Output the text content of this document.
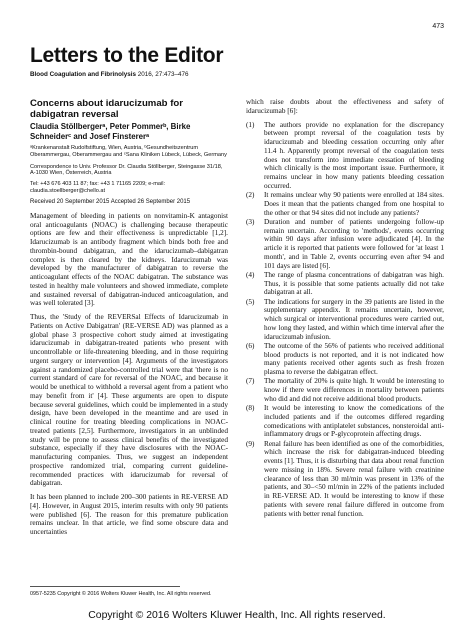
473
Letters to the Editor
Blood Coagulation and Fibrinolysis 2016, 27:473–476
Concerns about idarucizumab for dabigatran reversal
Claudia Stöllbergerᵃ, Peter Pommerᵇ, Birke Schneiderᶜ and Josef Finstererᵃ
ᵃKrankenanstalt Rudolfstiftung, Wien, Austria, ᵇGesundheitszentrum Oberammergau, Oberammergau and ᶜSana Kliniken Lübeck, Lübeck, Germany
Correspondence to Univ. Professor Dr. Claudia Stöllberger, Steingasse 31/18, A-1030 Wien, Österreich, Austria
Tel: +43 676 403 11 87; fax: +43 1 71165 2209; e-mail: claudia.stoellberger@chello.at
Received 20 September 2015 Accepted 26 September 2015

Management of bleeding in patients on nonvitamin-K antagonist oral anticoagulants (NOAC) is challenging because therapeutic options are few and their effectiveness is unpredictable [1,2]. Idarucizumab is an antibody fragment which binds both free and thrombin-bound dabigatran, and the idarucizumab–dabigatran complex is then cleared by the kidneys. Idarucizumab was developed by the manufacturer of dabigatran to reverse the anticoagulant effects of the NOAC dabigatran. The substance was tested in healthy male volunteers and showed immediate, complete and sustained reversal of dabigatran-induced anticoagulation, and was well tolerated [3].

Thus, the 'Study of the REVERSal Effects of Idarucizumab in Patients on Active Dabigatran' (RE-VERSE AD) was planned as a global phase 3 prospective cohort study aimed at investigating idarucizumab in dabigatran-treated patients who present with uncontrollable or life-threatening bleeding, and in those requiring urgent surgery or intervention [4]. Arguments of the investigators against a randomized placebo-controlled trial were that 'there is no current standard of care for reversal of the NOAC, and because it would be unethical to withhold a reversal agent from a patient who may benefit from it' [4]. These arguments are open to dispute because several guidelines, which could be implemented in a study design, have been developed in the meantime and are used in clinical routine for treating bleeding complications in NOAC-treated patients [2,5]. Furthermore, investigators in an unblinded study will be prone to assess clinical benefits of the investigated substance, especially if they have disclosures with the NOAC-manufacturing companies. Thus, we suggest an independent prospective randomized trial, comparing current guideline-recommended practices with idarucizumab for reversal of dabigatran.

It has been planned to include 200–300 patients in RE-VERSE AD [4]. However, in August 2015, interim results with only 90 patients were published [6]. The reason for this premature publication remains unclear. In that article, we find some obscure data and uncertainties

which raise doubts about the effectiveness and safety of idarucizumab [6]:

(1) The authors provide no explanation for the discrepancy between prompt reversal of the coagulation tests by idarucizumab and bleeding cessation occurring only after 11.4 h. Apparently prompt reversal of the coagulation tests does not transform into immediate cessation of bleeding which clinically is the most important issue. Furthermore, it remains unclear in how many patients bleeding cessation occurred.
(2) It remains unclear why 90 patients were enrolled at 184 sites. Does it mean that the patients changed from one hospital to the other or that 94 sites did not include any patients?
(3) Duration and number of patients undergoing follow-up remain uncertain. According to 'methods', events occurring within 90 days after infusion were adjudicated [4]. In the article it is reported that patients were followed for 'at least 1 month', and in Table 2, events occurring even after 94 and 101 days are listed [6].
(4) The range of plasma concentrations of dabigatran was high. Thus, it is possible that some patients actually did not take dabigatran at all.
(5) The indications for surgery in the 39 patients are listed in the supplementary appendix. It remains uncertain, however, which surgical or interventional procedures were carried out, how long they lasted, and within which time interval after the idarucizumab infusion.
(6) The outcome of the 56% of patients who received additional blood products is not reported, and it is not indicated how many patients received other agents such as fresh frozen plasma to reverse the dabigatran effect.
(7) The mortality of 20% is quite high. It would be interesting to know if there were differences in mortality between patients who did and did not receive additional blood products.
(8) It would be interesting to know the comedications of the included patients and if the outcomes differed regarding comedications with antiplatelet substances, nonsteroidal anti-inflammatory drugs or P-glycoprotein affecting drugs.
(9) Renal failure has been identified as one of the comorbidities, which increase the risk for dabigatran-induced bleeding events [1]. Thus, it is disturbing that data about renal function were missing in 18%. Severe renal failure with creatinine clearance of less than 30 ml/min was present in 13% of the patients, and 30–<50 ml/min in 22% of the patients included in RE-VERSE AD. It would be interesting to know if these patients with severe renal failure differed in outcome from patients with better renal function.
0957-5235 Copyright © 2016 Wolters Kluwer Health, Inc. All rights reserved.
Copyright © 2016 Wolters Kluwer Health, Inc. All rights reserved.
